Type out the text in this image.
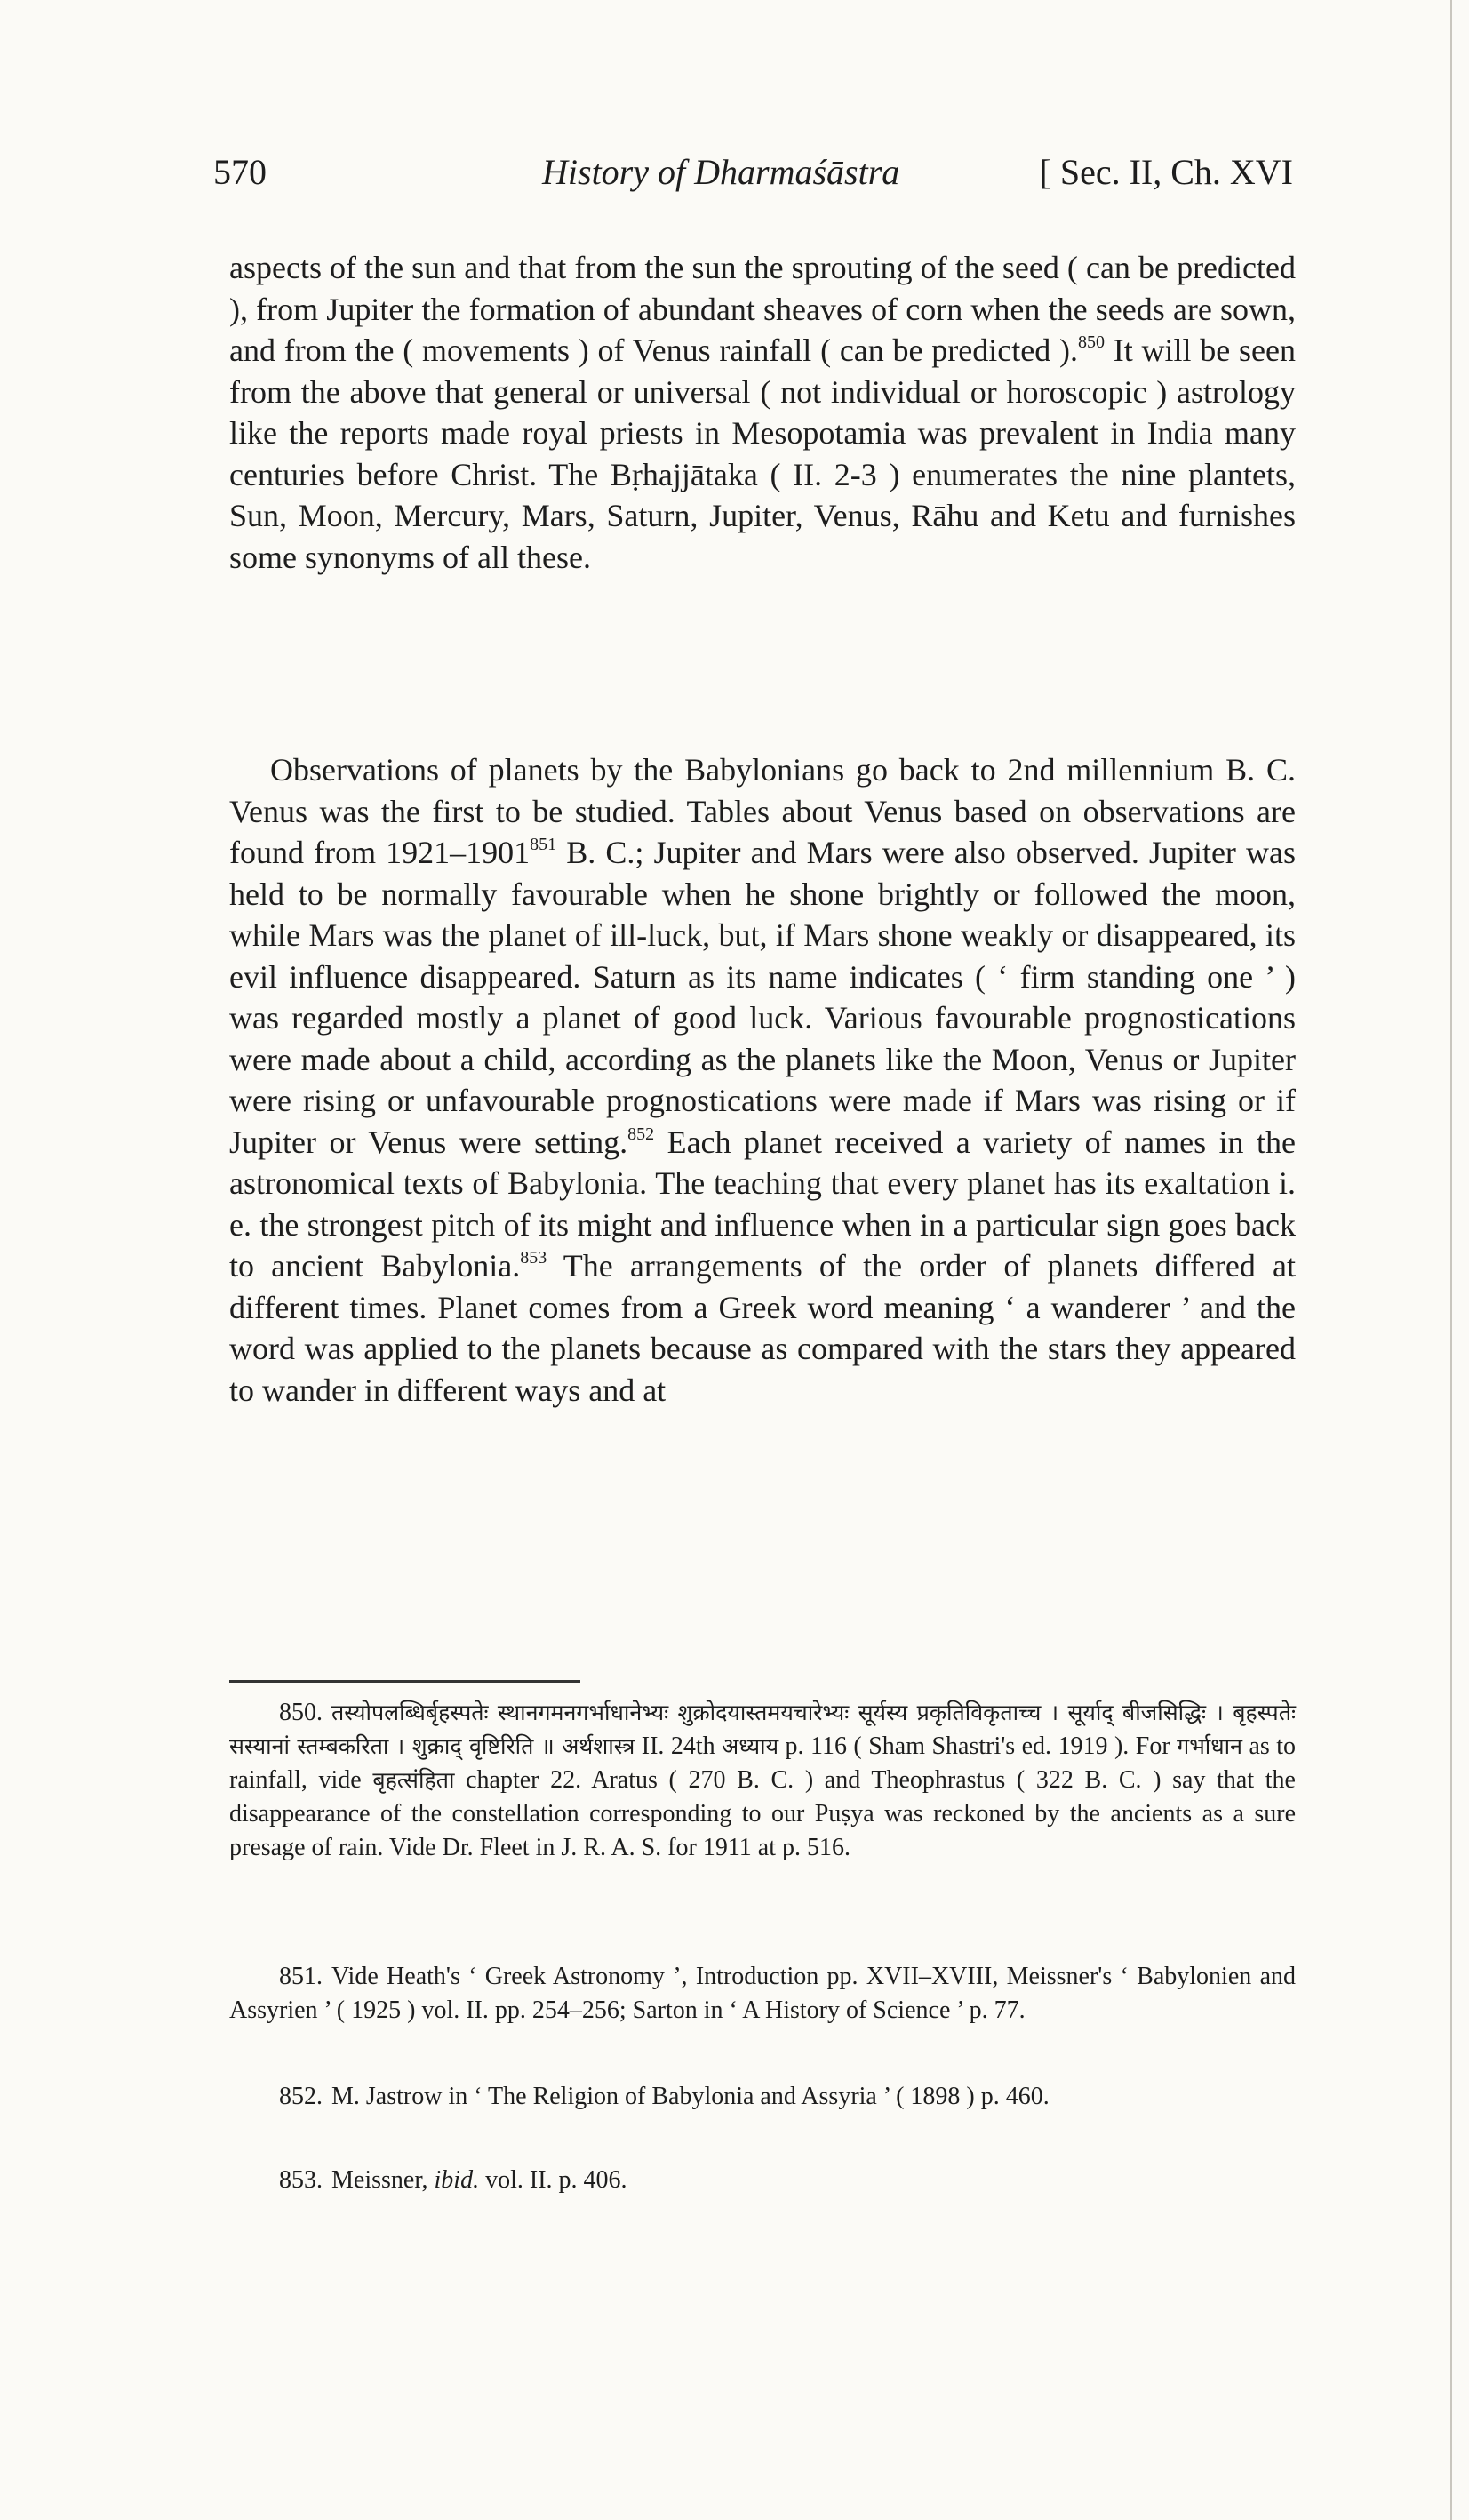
570	History of Dharmaśāstra	[ Sec. II, Ch. XVI

aspects of the sun and that from the sun the sprouting of the seed ( can be predicted ), from Jupiter the formation of abundant sheaves of corn when the seeds are sown, and from the ( movements ) of Venus rainfall ( can be predicted ).$^{850}$ It will be seen from the above that general or universal ( not individual or horoscopic ) astrology like the reports made royal priests in Mesopotamia was prevalent in India many centuries before Christ. The Bṛhajjātaka ( II. 2-3 ) enumerates the nine plantets, Sun, Moon, Mercury, Mars, Saturn, Jupiter, Venus, Rāhu and Ketu and furnishes some synonyms of all these.

Observations of planets by the Babylonians go back to 2nd millennium B. C. Venus was the first to be studied. Tables about Venus based on observations are found from 1921–1901$^{851}$ B. C.; Jupiter and Mars were also observed. Jupiter was held to be normally favourable when he shone brightly or followed the moon, while Mars was the planet of ill-luck, but, if Mars shone weakly or disappeared, its evil influence disappeared. Saturn as its name indicates ( ‘ firm standing one ’ ) was regarded mostly a planet of good luck. Various favourable prognostications were made about a child, according as the planets like the Moon, Venus or Jupiter were rising or unfavourable prognostications were made if Mars was rising or if Jupiter or Venus were setting.$^{852}$ Each planet received a variety of names in the astronomical texts of Babylonia. The teaching that every planet has its exaltation i. e. the strongest pitch of its might and influence when in a particular sign goes back to ancient Babylonia.$^{853}$ The arrangements of the order of planets differed at different times. Planet comes from a Greek word meaning ‘ a wanderer ’ and the word was applied to the planets because as compared with the stars they appeared to wander in different ways and at

850. तस्योपलब्धिर्बृहस्पतेः स्थानगमनगर्भाधानेभ्यः शुक्रोदयास्तमयचारेभ्यः सूर्यस्य प्रकृतिविकृताच्च । सूर्याद् बीजसिद्धिः । बृहस्पतेः सस्यानां स्तम्बकरिता । शुक्राद् वृष्टिरिति ॥ अर्थशास्त्र II. 24th अध्याय p. 116 ( Sham Shastri's ed. 1919 ). For गर्भाधान as to rainfall, vide बृहत्संहिता chapter 22. Aratus ( 270 B. C. ) and Theophrastus ( 322 B. C. ) say that the disappearance of the constellation corresponding to our Puṣya was reckoned by the ancients as a sure presage of rain. Vide Dr. Fleet in J. R. A. S. for 1911 at p. 516.

851. Vide Heath's ‘ Greek Astronomy ’, Introduction pp. XVII–XVIII, Meissner's ‘ Babylonien and Assyrien ’ ( 1925 ) vol. II. pp. 254–256; Sarton in ‘ A History of Science ’ p. 77.

852. M. Jastrow in ‘ The Religion of Babylonia and Assyria ’ ( 1898 ) p. 460.

853. Meissner, ibid. vol. II. p. 406.
